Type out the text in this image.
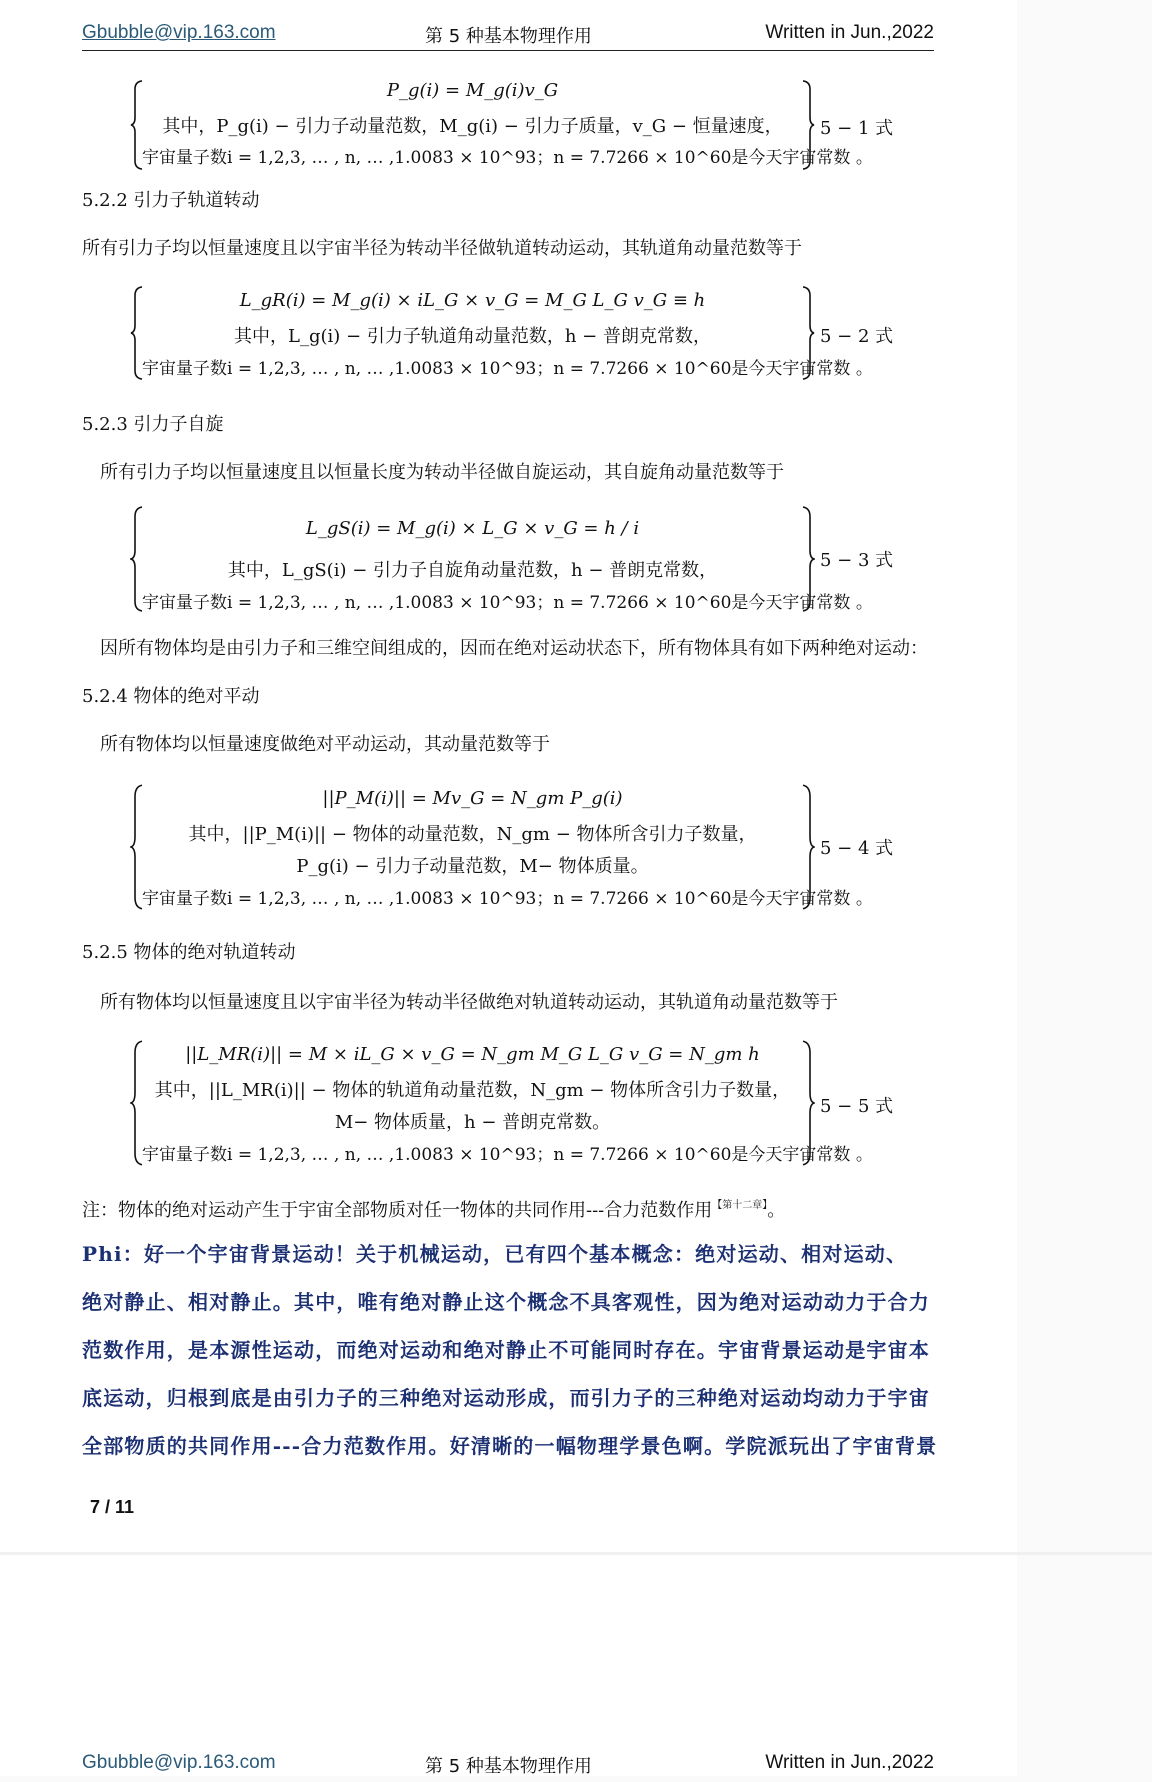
Gbubble@vip.163.com	第 5 种基本物理作用	Written in Jun.,2022
P_g(i) = M_g(i)v_G
其中，P_g(i) − 引力子动量范数，M_g(i) − 引力子质量，v_G − 恒量速度，
宇宙量子数i = 1,2,3, … , n, … ,1.0083̇ × 10^93；n = 7.7266 × 10^60是今天宇宙常数 。
5 − 1 式
5.2.2 引力子轨道转动
所有引力子均以恒量速度且以宇宙半径为转动半径做轨道转动运动，其轨道角动量范数等于
L_gR(i) = M_g(i) × iL_G × v_G = M_G L_G v_G ≡ h
其中，L_g(i) − 引力子轨道角动量范数，h − 普朗克常数，
宇宙量子数i = 1,2,3, … , n, … ,1.0083̇ × 10^93；n = 7.7266 × 10^60是今天宇宙常数 。
5 − 2 式
5.2.3 引力子自旋
所有引力子均以恒量速度且以恒量长度为转动半径做自旋运动，其自旋角动量范数等于
L_gS(i) = M_g(i) × L_G × v_G = h / i
其中，L_gS(i) − 引力子自旋角动量范数，h − 普朗克常数，
宇宙量子数i = 1,2,3, … , n, … ,1.0083̇ × 10^93；n = 7.7266 × 10^60是今天宇宙常数 。
5 − 3 式
因所有物体均是由引力子和三维空间组成的，因而在绝对运动状态下，所有物体具有如下两种绝对运动：
5.2.4 物体的绝对平动
所有物体均以恒量速度做绝对平动运动，其动量范数等于
||P_M(i)|| = Mv_G = N_gm P_g(i)
其中，||P_M(i)|| − 物体的动量范数，N_gm − 物体所含引力子数量，
P_g(i) − 引力子动量范数，M− 物体质量。
宇宙量子数i = 1,2,3, … , n, … ,1.0083̇ × 10^93；n = 7.7266 × 10^60是今天宇宙常数 。
5 − 4 式
5.2.5 物体的绝对轨道转动
所有物体均以恒量速度且以宇宙半径为转动半径做绝对轨道转动运动，其轨道角动量范数等于
||L_MR(i)|| = M × iL_G × v_G = N_gm M_G L_G v_G = N_gm h
其中，||L_MR(i)|| − 物体的轨道角动量范数，N_gm − 物体所含引力子数量，
M− 物体质量，h − 普朗克常数。
宇宙量子数i = 1,2,3, … , n, … ,1.0083̇ × 10^93；n = 7.7266 × 10^60是今天宇宙常数 。
5 − 5 式
注：物体的绝对运动产生于宇宙全部物质对任一物体的共同作用---合力范数作用$^{【第十二章】}$。
Phi：好一个宇宙背景运动！关于机械运动，已有四个基本概念：绝对运动、相对运动、
绝对静止、相对静止。其中，唯有绝对静止这个概念不具客观性，因为绝对运动动力于合力
范数作用，是本源性运动，而绝对运动和绝对静止不可能同时存在。宇宙背景运动是宇宙本
底运动，归根到底是由引力子的三种绝对运动形成，而引力子的三种绝对运动均动力于宇宙
全部物质的共同作用---合力范数作用。好清晰的一幅物理学景色啊。学院派玩出了宇宙背景
7 / 11
Gbubble@vip.163.com	第 5 种基本物理作用	Written in Jun.,2022
